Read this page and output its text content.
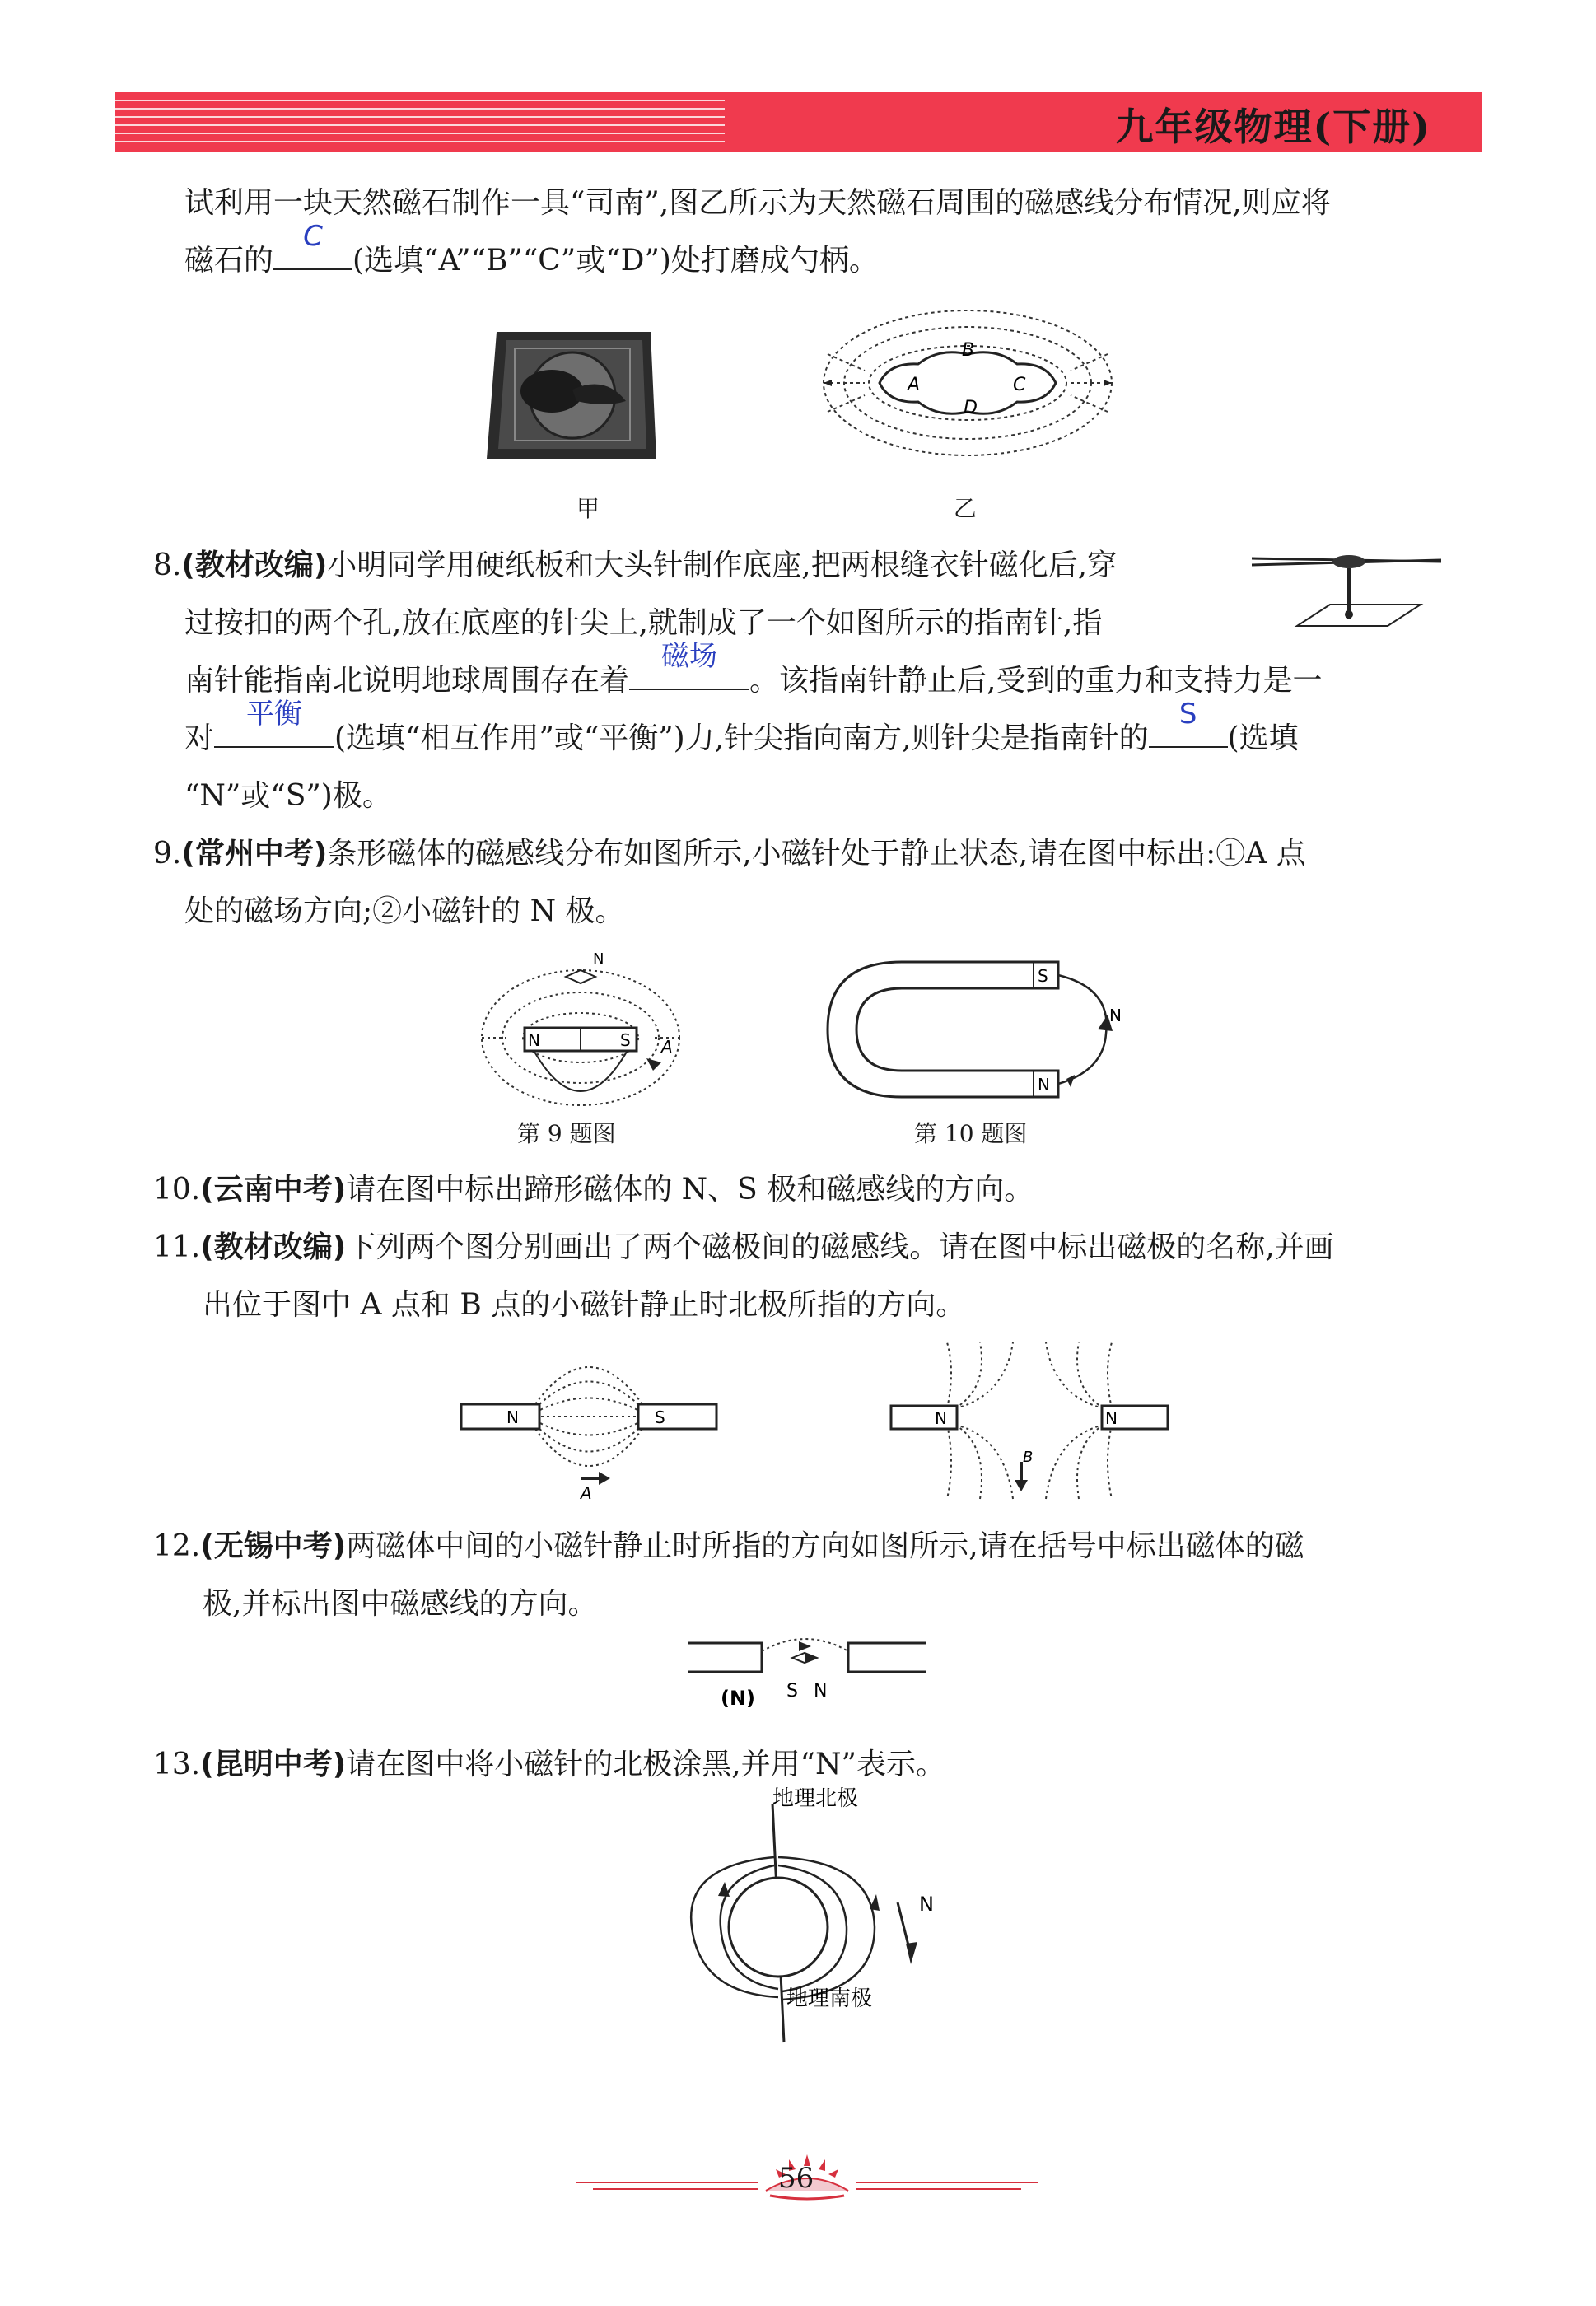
九年级物理(下册)
试利用一块天然磁石制作一具“司南”,图乙所示为天然磁石周围的磁感线分布情况,则应将
磁石的
C
(选填“A”“B”“C”或“D”)处打磨成勺柄。
甲
A
B
C
D
乙
8.(教材改编)小明同学用硬纸板和大头针制作底座,把两根缝衣针磁化后,穿
过按扣的两个孔,放在底座的针尖上,就制成了一个如图所示的指南针,指
南针能指南北说明地球周围存在着
磁场
。该指南针静止后,受到的重力和支持力是一
对
平衡
(选填“相互作用”或“平衡”)力,针尖指向南方,则针尖是指南针的
S
(选填
“N”或“S”)极。
9.(常州中考)条形磁体的磁感线分布如图所示,小磁针处于静止状态,请在图中标出:①A 点
处的磁场方向;②小磁针的 N 极。
N	S
N
A
第 9 题图
S
N
N
第 10 题图
10.(云南中考)请在图中标出蹄形磁体的 N、S 极和磁感线的方向。
11.(教材改编)下列两个图分别画出了两个磁极间的磁感线。请在图中标出磁极的名称,并画
出位于图中 A 点和 B 点的小磁针静止时北极所指的方向。
N	S
A
N	N
B
12.(无锡中考)两磁体中间的小磁针静止时所指的方向如图所示,请在括号中标出磁体的磁
极,并标出图中磁感线的方向。
(N) S N
13.(昆明中考)请在图中将小磁针的北极涂黑,并用“N”表示。
N
地理北极
地理南极
56
